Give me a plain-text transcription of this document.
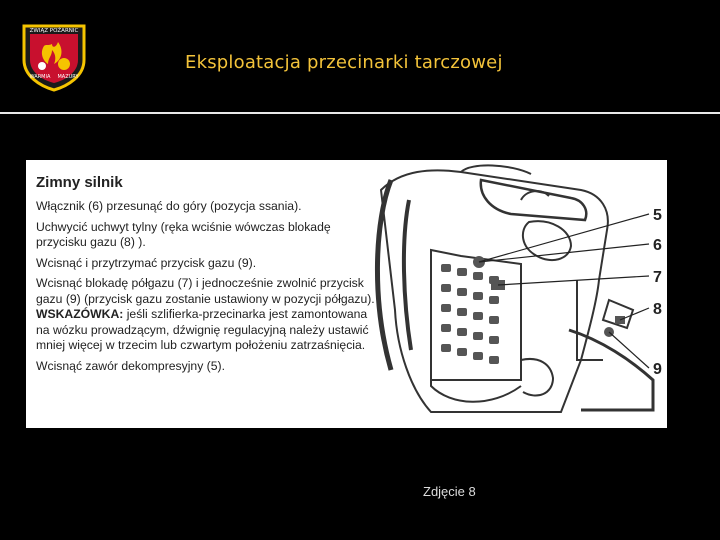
ZWIĄZ POŻARNIC
WARMIA MAZURY
Eksploatacja przecinarki tarczowej
Zimny silnik
Włącznik (6) przesunąć do góry (pozycja ssania).
Uchwycić uchwyt tylny (ręka wciśnie wówczas blokadę
przycisku gazu (8) ).
Wcisnąć i przytrzymać przycisk gazu (9).
Wcisnąć blokadę półgazu (7) i jednocześnie zwolnić przycisk
gazu (9) (przycisk gazu zostanie ustawiony w pozycji półgazu).
WSKAZÓWKA: jeśli szlifierka-przecinarka jest zamontowana
na wózku prowadzącym, dźwignię regulacyjną należy ustawić
mniej więcej w trzecim lub czwartym położeniu zatrzaśnięcia.
Wcisnąć zawór dekompresyjny (5).
5
6
7
8
9
Zdjęcie 8
